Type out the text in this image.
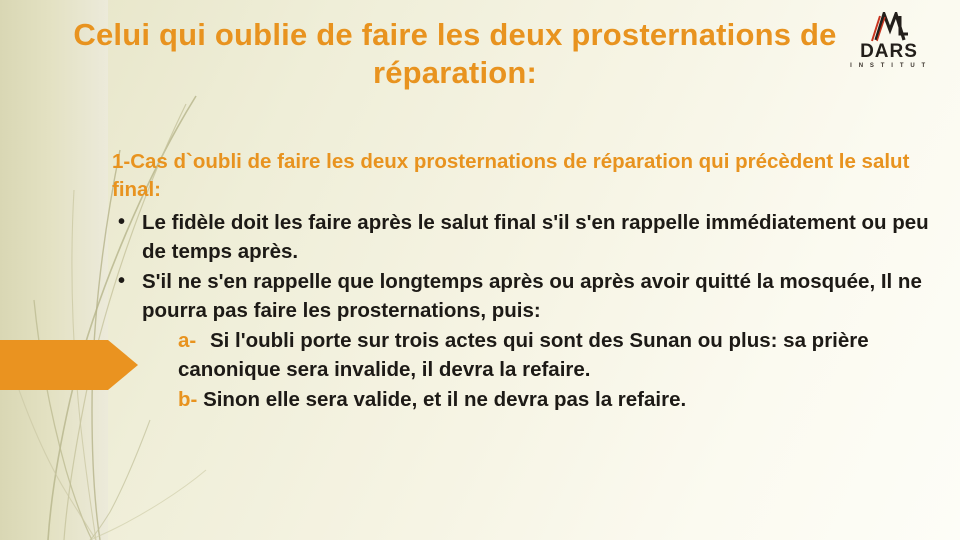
DARS
I N S T I T U T
Celui qui oublie de faire les deux prosternations de réparation:
1-Cas d`oubli de faire les deux prosternations de réparation qui précèdent le salut final:
• Le fidèle doit les faire après le salut final s'il s'en rappelle immédiatement ou peu de temps après.
• S'il ne s'en rappelle que longtemps après ou après avoir quitté la mosquée, Il ne pourra pas faire les prosternations, puis:
a- Si l'oubli porte sur trois actes qui sont des Sunan ou plus: sa prière canonique sera invalide, il devra la refaire.
b- Sinon elle sera valide, et il ne devra pas la refaire.
